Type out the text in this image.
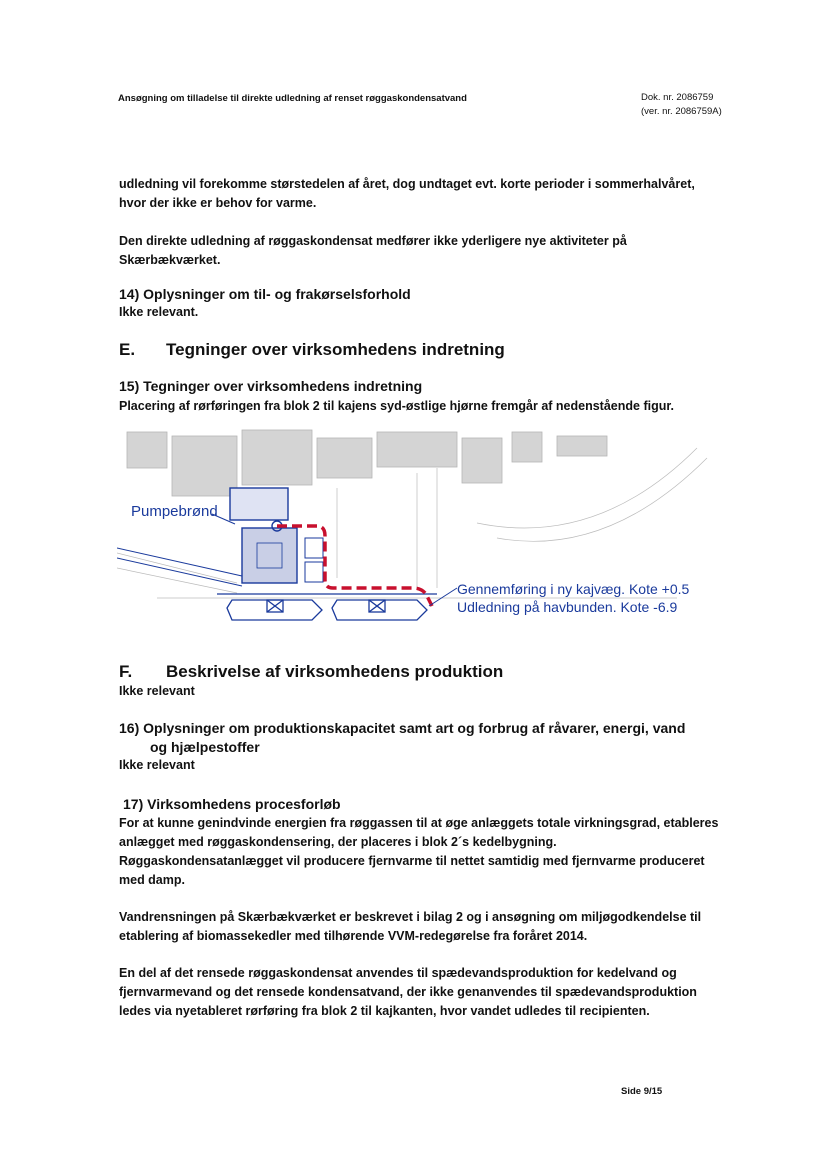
Ansøgning om tilladelse til direkte udledning af renset røggaskondensatvand	Dok. nr. 2086759
(ver. nr. 2086759A)
udledning vil forekomme størstedelen af året, dog undtaget evt. korte perioder i sommerhalvåret, hvor der ikke er behov for varme.
Den direkte udledning af røggaskondensat medfører ikke yderligere nye aktiviteter på Skærbækværket.
14) Oplysninger om til- og frakørselsforhold
Ikke relevant.
E. Tegninger over virksomhedens indretning
15) Tegninger over virksomhedens indretning
Placering af rørføringen fra blok 2 til kajens syd-østlige hjørne fremgår af nedenstående figur.
Pumpebrønd
Gennemføring i ny kajvæg. Kote +0.5
Udledning på havbunden. Kote -6.9
F. Beskrivelse af virksomhedens produktion
Ikke relevant
16) Oplysninger om produktionskapacitet samt art og forbrug af råvarer, energi, vand
og hjælpestoffer
Ikke relevant
17) Virksomhedens procesforløb
For at kunne genindvinde energien fra røggassen til at øge anlæggets totale virkningsgrad, etableres anlægget med røggaskondensering, der placeres i blok 2´s kedelbygning. Røggaskondensatanlægget vil producere fjernvarme til nettet samtidig med fjernvarme produceret med damp.
Vandrensningen på Skærbækværket er beskrevet i bilag 2 og i ansøgning om miljøgodkendelse til etablering af biomassekedler med tilhørende VVM-redegørelse fra foråret 2014.
En del af det rensede røggaskondensat anvendes til spædevandsproduktion for kedelvand og fjernvarmevand og det rensede kondensatvand, der ikke genanvendes til spædevandsproduktion ledes via nyetableret rørføring fra blok 2 til kajkanten, hvor vandet udledes til recipienten.
Side 9/15
